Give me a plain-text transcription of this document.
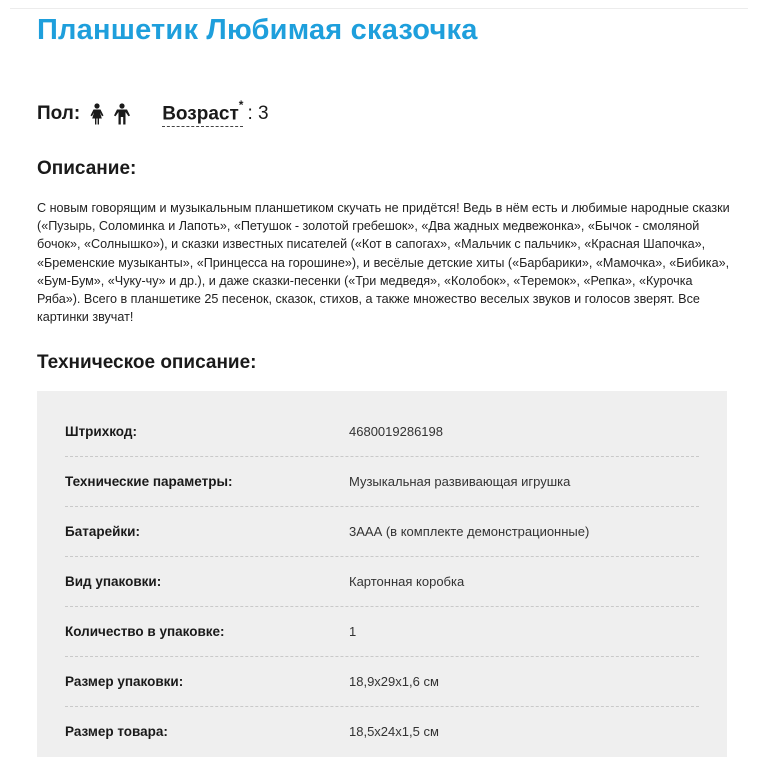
Планшетик Любимая сказочка
Пол:	Возраст* : 3
Описание:

С новым говорящим и музыкальным планшетиком скучать не придётся! Ведь в нём есть и любимые народные сказки («Пузырь, Соломинка и Лапоть», «Петушок - золотой гребешок», «Два жадных медвежонка», «Бычок - смоляной бочок», «Солнышко»), и сказки известных писателей («Кот в сапогах», «Мальчик с пальчик», «Красная Шапочка», «Бременские музыканты», «Принцесса на горошине»), и весёлые детские хиты («Барбарики», «Мамочка», «Бибика», «Бум-Бум», «Чуку-чу» и др.), и даже сказки-песенки («Три медведя», «Колобок», «Теремок», «Репка», «Курочка Ряба»). Всего в планшетике 25 песенок, сказок, стихов, а также множество веселых звуков и голосов зверят. Все картинки звучат!

Техническое описание:
Штрихкод:	4680019286198
Технические параметры:	Музыкальная развивающая игрушка
Батарейки:	3ААА (в комплекте демонстрационные)
Вид упаковки:	Картонная коробка
Количество в упаковке:	1
Размер упаковки:	18,9x29x1,6 см
Размер товара:	18,5x24x1,5 см
